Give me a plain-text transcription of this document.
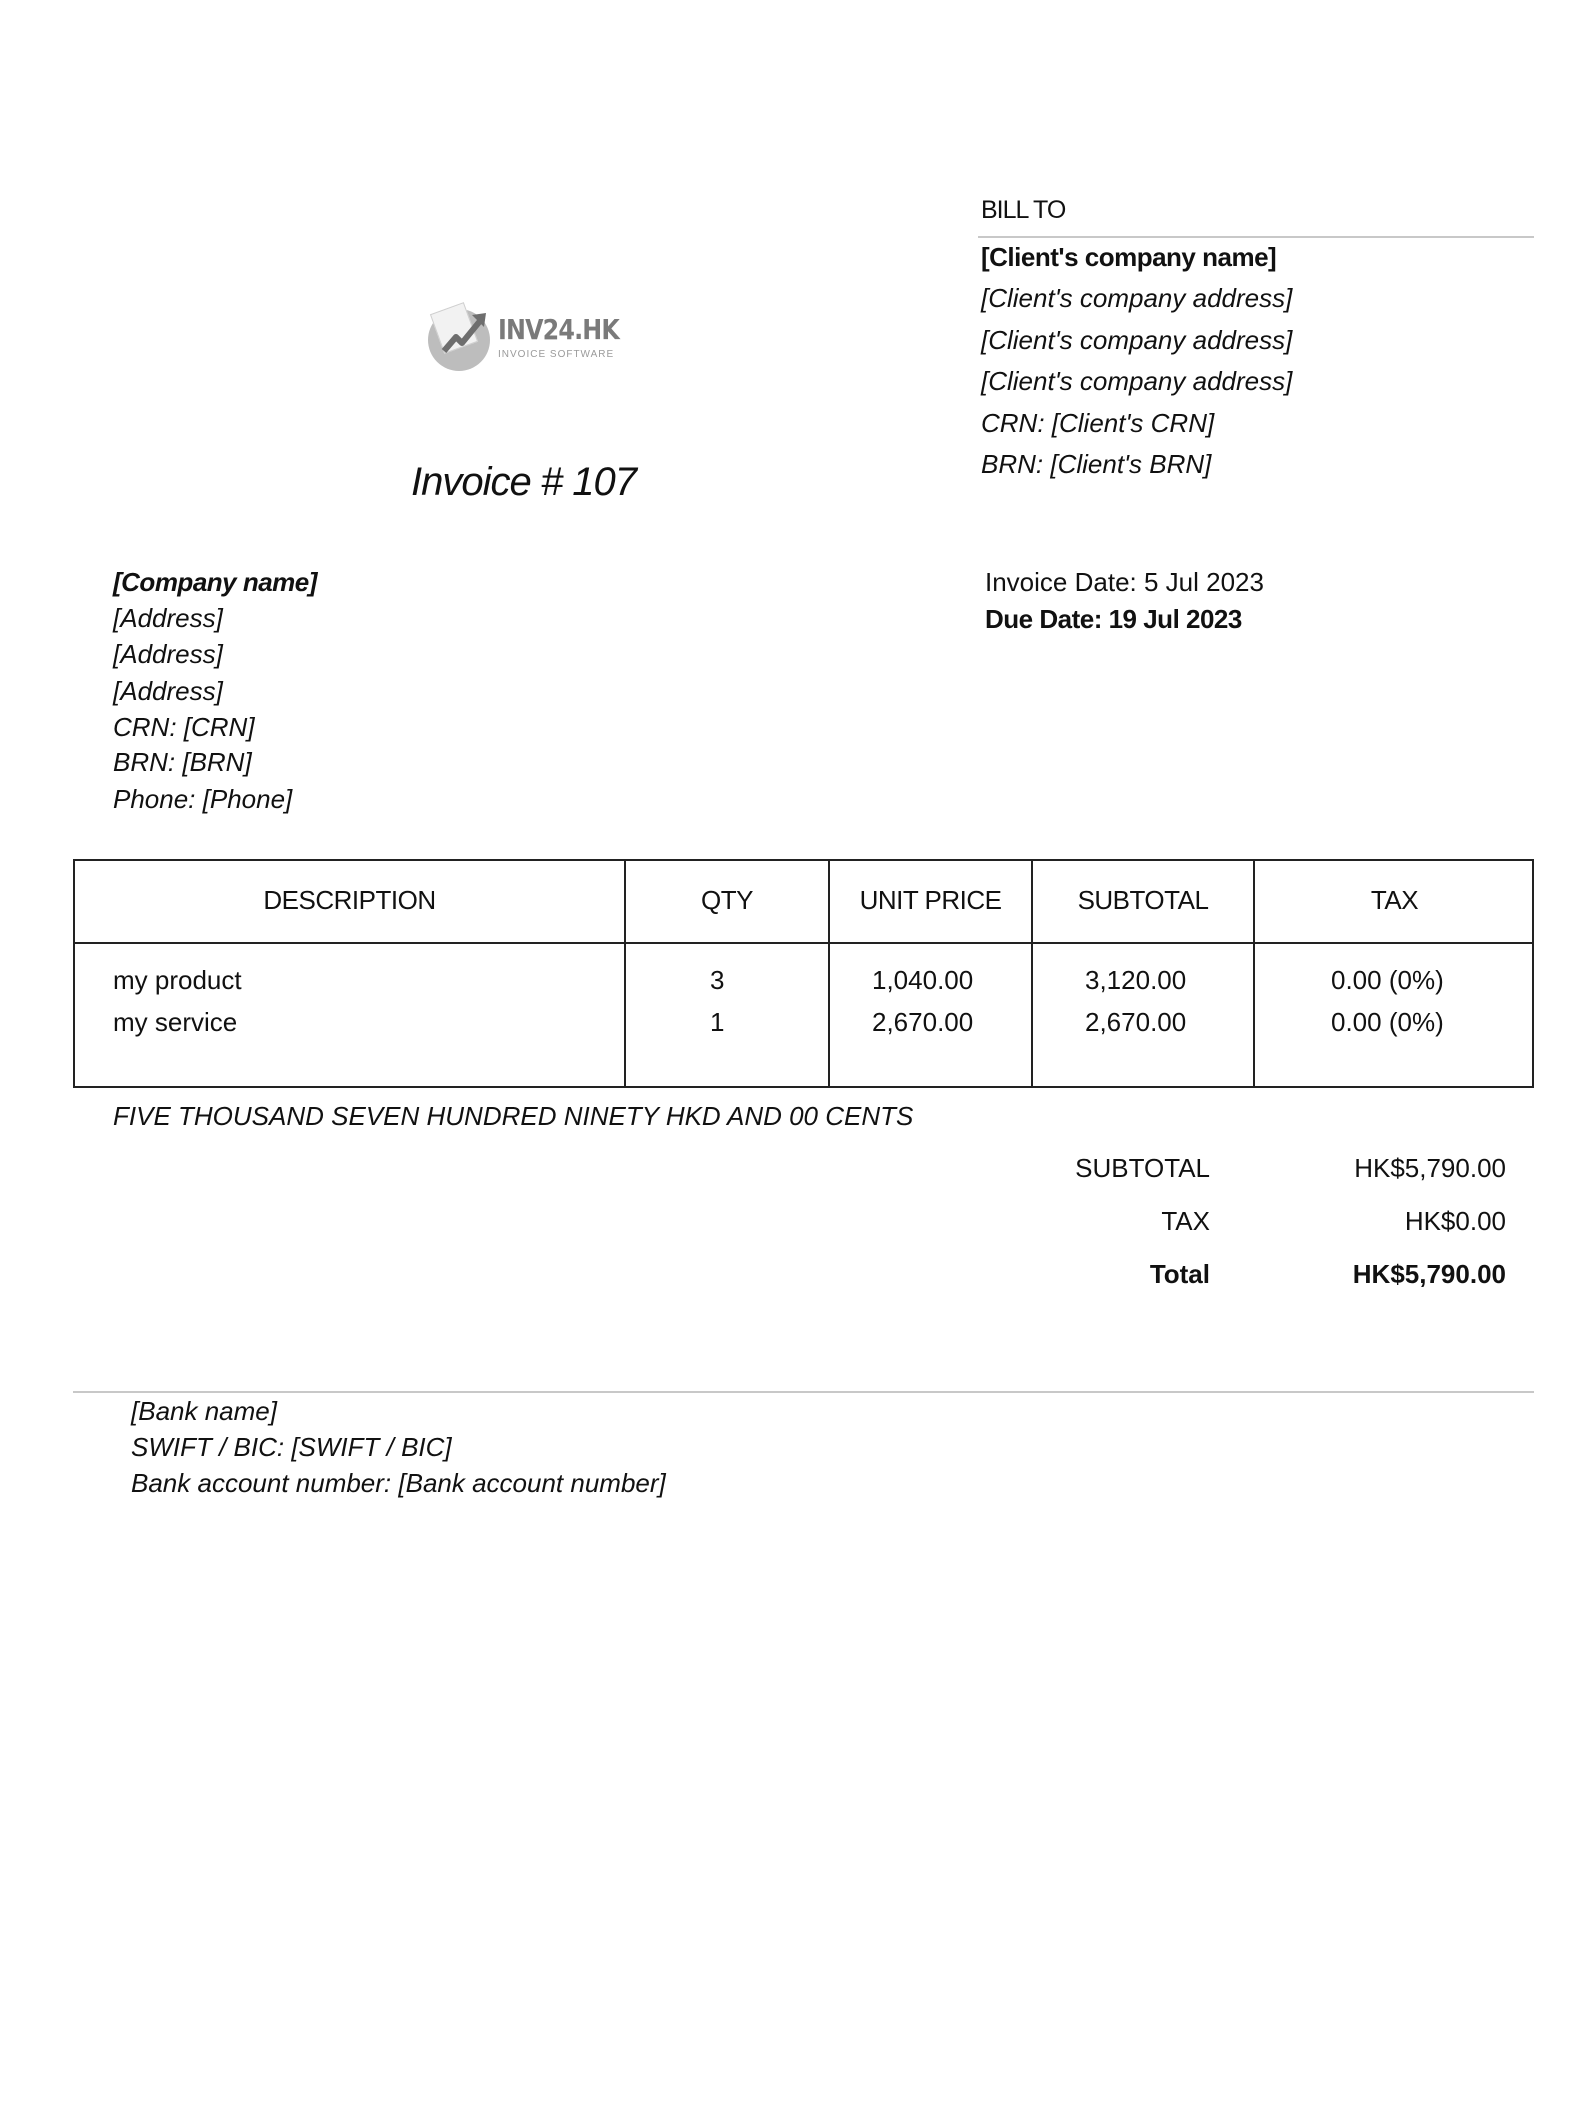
INV24.HK
INVOICE SOFTWARE
Invoice # 107
BILL TO
[Client's company name]
[Client's company address]
[Client's company address]
[Client's company address]
CRN: [Client's CRN]
BRN: [Client's BRN]
[Company name]
[Address]
[Address]
[Address]
CRN: [CRN]
BRN: [BRN]
Phone: [Phone]
Invoice Date: 5 Jul 2023
Due Date: 19 Jul 2023
DESCRIPTION	QTY	UNIT PRICE	SUBTOTAL	TAX
my product	3	1,040.00	3,120.00	0.00 (0%)
my service	1	2,670.00	2,670.00	0.00 (0%)
FIVE THOUSAND SEVEN HUNDRED NINETY HKD AND 00 CENTS
SUBTOTAL	HK$5,790.00
TAX	HK$0.00
Total	HK$5,790.00
[Bank name]
SWIFT / BIC: [SWIFT / BIC]
Bank account number: [Bank account number]
